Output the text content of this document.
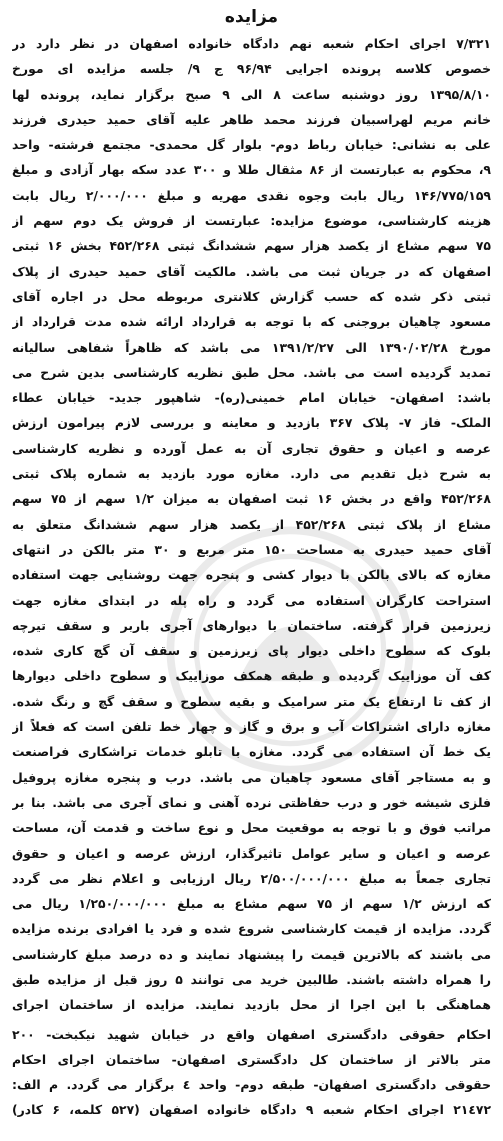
مزایده
۷/۳۲۱ اجرای احکام شعبه نهم دادگاه خانواده اصفهان در نظر دارد در
خصوص کلاسه پرونده اجرایی ۹۶/۹۴ ج ۹/ جلسه مزایده ای مورخ
۱۳۹۵/۸/۱۰ روز دوشنبه ساعت ۸ الی ۹ صبح برگزار نماید، پرونده لها
خانم مریم لهراسبیان فرزند محمد طاهر علیه آقای حمید حیدری فرزند
علی به نشانی: خیابان رباط دوم- بلوار گل محمدی- مجتمع فرشته- واحد
۹، محکوم به عبارتست از ۸۶ مثقال طلا و ۳۰۰ عدد سکه بهار آزادی و مبلغ
۱۴۶/۷۷۵/۱۵۹ ریال بابت وجوه نقدی مهریه و مبلغ ۲/۰۰۰/۰۰۰ ریال بابت
هزینه کارشناسی، موضوع مزایده: عبارتست از فروش یک دوم سهم از
۷۵ سهم مشاع از یکصد هزار سهم ششدانگ ثبتی ۴۵۲/۲۶۸ بخش ۱۶ ثبتی
اصفهان که در جریان ثبت می باشد. مالکیت آقای حمید حیدری از پلاک
ثبتی ذکر شده که حسب گزارش کلانتری مربوطه محل در اجاره آقای
مسعود چاهیان بروجنی که با توجه به قرارداد ارائه شده مدت قرارداد از
مورخ ۱۳۹۰/۰۲/۲۸ الی ۱۳۹۱/۲/۲۷ می باشد که ظاهراً شفاهی سالیانه
تمدید گردیده است می باشد. محل طبق نظریه کارشناسی بدین شرح می
باشد: اصفهان- خیابان امام خمینی(ره)- شاهپور جدید- خیابان عطاء
الملک- فاز ۷- پلاک ۳۶۷ بازدید و معاینه و بررسی لازم پیرامون ارزش
عرصه و اعیان و حقوق تجاری آن به عمل آورده و نظریه کارشناسی
به شرح ذیل تقدیم می دارد. مغازه مورد بازدید به شماره پلاک ثبتی
۴۵۲/۲۶۸ واقع در بخش ۱۶ ثبت اصفهان به میزان ۱/۲ سهم از ۷۵ سهم
مشاع از پلاک ثبتی ۴۵۲/۲۶۸ از یکصد هزار سهم ششدانگ متعلق به
آقای حمید حیدری به مساحت ۱۵۰ متر مربع و ۳۰ متر بالکن در انتهای
مغازه که بالای بالکن با دیوار کشی و پنجره جهت روشنایی جهت استفاده
استراحت کارگران استفاده می گردد و راه پله در ابتدای مغازه جهت
زیرزمین قرار گرفته. ساختمان با دیوارهای آجری باربر و سقف تیرچه
بلوک که سطوح داخلی دیوار پای زیرزمین و سقف آن گچ کاری شده،
کف آن موزاییک گردیده و طبقه همکف موزاییک و سطوح داخلی دیوارها
از کف تا ارتفاع یک متر سرامیک و بقیه سطوح و سقف گچ و رنگ شده.
مغازه دارای اشتراکات آب و برق و گاز و چهار خط تلفن است که فعلاً از
یک خط آن استفاده می گردد. مغازه با تابلو خدمات تراشکاری فراصنعت
و به مستاجر آقای مسعود چاهیان می باشد. درب و پنجره مغازه پروفیل
فلزی شیشه خور و درب حفاظتی نرده آهنی و نمای آجری می باشد. بنا بر
مراتب فوق و با توجه به موقعیت محل و نوع ساخت و قدمت آن، مساحت
عرصه و اعیان و سایر عوامل تاثیرگذار، ارزش عرصه و اعیان و حقوق
تجاری جمعاً به مبلغ ۲/۵۰۰/۰۰۰/۰۰۰ ریال ارزیابی و اعلام نظر می گردد
که ارزش ۱/۲ سهم از ۷۵ سهم مشاع به مبلغ ۱/۲۵۰/۰۰۰/۰۰۰ ریال می
گردد. مزایده از قیمت کارشناسی شروع شده و فرد یا افرادی برنده مزایده
می باشند که بالاترین قیمت را پیشنهاد نمایند و ده درصد مبلغ کارشناسی
را همراه داشته باشند. طالبین خرید می توانند ۵ روز قبل از مزایده طبق
هماهنگی با این اجرا از محل بازدید نمایند. مزایده از ساختمان اجرای
احکام حقوقی دادگستری اصفهان واقع در خیابان شهید نیکبخت- ۲۰۰
متر بالاتر از ساختمان کل دادگستری اصفهان- ساختمان اجرای احکام
حقوقی دادگستری اصفهان- طبقه دوم- واحد ٤ برگزار می گردد. م الف:
۲۱٤۷۲ اجرای احکام شعبه ۹ دادگاه خانواده اصفهان (۵۲۷ کلمه، ۶ کادر)
